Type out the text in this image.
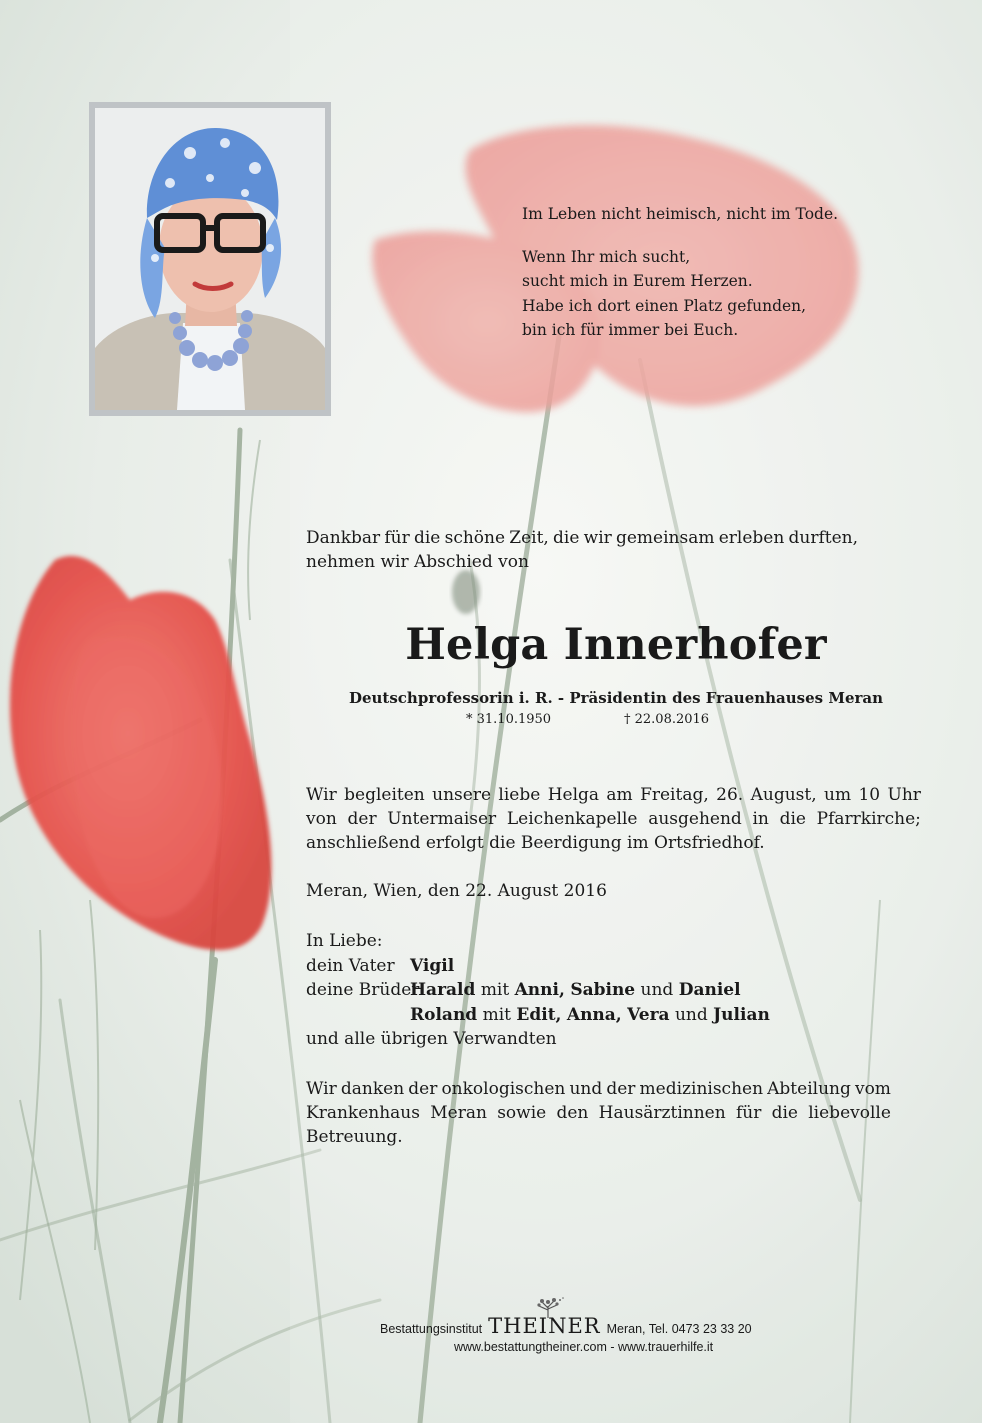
Im Leben nicht heimisch, nicht im Tode.

Wenn Ihr mich sucht,

sucht mich in Eurem Herzen.

Habe ich dort einen Platz gefunden,

bin ich für immer bei Euch.

Dankbar für die schöne Zeit, die wir gemeinsam erleben durften,
nehmen wir Abschied von
Helga Innerhofer
Deutschprofessorin i. R. - Präsidentin des Frauenhauses Meran
* 31.10.1950	† 22.08.2016
Wir begleiten unsere liebe Helga am Freitag, 26. August, um 10 Uhr
von der Untermaiser Leichenkapelle ausgehend in die Pfarrkirche;
anschließend erfolgt die Beerdigung im Ortsfriedhof.
Meran, Wien, den 22. August 2016
In Liebe:
dein Vater Vigil
deine BrüderHarald mit Anni, Sabine und Daniel
Roland mit Edit, Anna, Vera und Julian
und alle übrigen Verwandten
Wir danken der onkologischen und der medizinischen Abteilung vom
Krankenhaus Meran sowie den Hausärztinnen für die liebevolle
Betreuung.
Bestattungsinstitut THEINER Meran, Tel. 0473 23 33 20
www.bestattungtheiner.com - www.trauerhilfe.it
